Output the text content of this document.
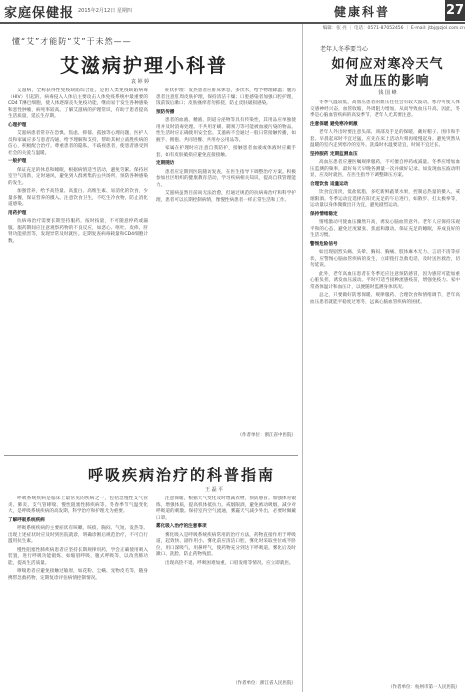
家庭保健报 2015年2月12日 星期四	健康科普	27
编辑：张 亮 ｜ 电话：0571-87052456 ｜ E-mail: jtbj@zjol.com.cn
懂“艾”才能防“艾”于未然——
艾滋病护理小科普
袁 婷 婷

艾滋病，全称获得性免疫缺陷综合征，是由人类免疫缺陷病毒（HIV）引起的。病毒侵入人体后主要攻击人体免疫系统中最重要的CD4 T淋巴细胞，使人体逐渐丧失免疫功能，继而易于发生各种感染和恶性肿瘤，病死率较高。了解艾滋病的护理常识，有助于患者提高生活质量，延长生存期。

心理护理

艾滋病患者常存在恐惧、焦虑、抑郁、孤独等心理问题，医护人员和家属应多与患者沟通，给予理解和支持，帮助其树立战胜疾病的信心，积极配合治疗。尊重患者的隐私，不歧视患者，使患者感受到社会的关爱与温暖。

一般护理

保证充足的休息和睡眠，根据病情适当活动，避免劳累。保持居室空气清新，定时通风，避免到人群密集的公共场所，预防各种感染的发生。

加强营养，给予高热量、高蛋白、高维生素、易消化的饮食，少量多餐，保证营养的摄入。注意饮食卫生，不吃生冷食物，防止消化道感染。

用药护理

抗病毒治疗需要长期坚持服药，按时按量，不可随意停药或漏服。服药期间应注意观察药物的不良反应，如恶心、呕吐、皮疹、肝肾功能损害等，发现异常及时就医。定期复查病毒载量和CD4细胞计数。

症状护理：发热患者应卧床休息，多饮水，给予物理降温；腹泻患者注意肛周皮肤护理，保持清洁干燥；口腔感染者加强口腔护理，饭前饭后漱口；皮肤瘙痒者勿抓挠，防止皮肤破损感染。

预防传播

患者的血液、精液、阴道分泌物等具有传染性，其用品应单独使用并及时消毒处理。不共用牙刷、剃须刀等可能被血液污染的物品。性生活时应正确使用安全套。艾滋病不会通过一般日常接触传播，如握手、拥抱、共同进餐、共用办公用品等。

家属在护理时应注意自我防护，接触患者血液或体液时应戴手套，如有皮肤破损应避免直接接触。

定期随访

患者应定期到医院随访复查，在医生指导下调整治疗方案。积极参加社区组织的健康教育活动，学习疾病相关知识，提高自我管理能力。

艾滋病虽然目前尚无法治愈，但通过规范的抗病毒治疗和科学护理，患者可以长期控制病情，像慢性病患者一样正常生活和工作。

（作者单位：浙江省中医院）
呼吸疾病治疗的科普指南
王 磊 平

呼吸系统疾病是临床上最常见的疾病之一，包括急慢性支气管炎、肺炎、支气管哮喘、慢性阻塞性肺疾病等。冬春季节气温变化大，是呼吸系统疾病的高发期，科学治疗和护理尤为重要。

了解呼吸系统疾病

呼吸系统疾病的主要症状有咳嗽、咳痰、胸闷、气短、发热等。出现上述症状时应及时到医院就诊，明确诊断后规范治疗，不可自行滥用抗生素。

慢性阻塞性肺疾病患者应坚持长期规律用药，学会正确使用吸入装置，进行呼吸功能锻炼，如缩唇呼吸、腹式呼吸等，以改善肺功能，提高生活质量。

哮喘患者应避免接触过敏原，如花粉、尘螨、宠物皮毛等，随身携带急救药物，定期复诊评估病情控制情况。

注意保暖，根据天气变化及时增减衣物，预防感冒。加强体育锻炼，增强体质，提高机体抵抗力。戒烟限酒，避免被动吸烟，减少对呼吸道的刺激。保持室内空气流通，雾霾天气减少外出，必要时佩戴口罩。

雾化吸入治疗的注意事项

雾化吸入是呼吸系统疾病常用的治疗方法，药物直接作用于呼吸道，起效快、副作用小。雾化前应清洁口腔，雾化时采取坐位或半卧位，用口深吸气、用鼻呼气，使药物充分到达下呼吸道。雾化后及时漱口、洗脸，防止药物残留。

出现高热不退、呼吸困难加重、口唇发绀等情况，应立即就医。

（作者单位：浙江省人民医院）
老年人冬季要当心
如何应对寒冷天气
对血压的影响
钱 国 峰

冬季气温较低，高血压患者的血压往往会有较大波动。寒冷可使人体交感神经兴奋，血管收缩，外周阻力增加，从而导致血压升高。因此，冬季是心脑血管疾病的高发季节，老年人尤其要注意。

注意保暖 避免寒冷刺激

老年人外出时要注意头部、颈部及手足的保暖，戴好帽子、围巾和手套。早晨起床时不宜过猛，应先在床上活动片刻再缓慢起身。避免突然从温暖的室内走到寒冷的室外。洗澡时水温要适宜，时间不宜过长。

坚持服药 定期监测血压

高血压患者应遵医嘱规律服药，不可擅自停药或减量。冬季应增加血压监测的频率，最好每天早晚各测量一次并做好记录。如发现血压波动明显，应及时就医，在医生指导下调整降压方案。

合理饮食 适量运动

饮食宜清淡，低盐低脂，多吃新鲜蔬菜水果，控制总热量的摄入，戒烟限酒。冬季运动宜选择在阳光充足的午后进行，如散步、打太极拳等，运动量以身体微微出汗为宜，避免剧烈运动。

保持情绪稳定

情绪激动可使血压骤然升高，诱发心脑血管意外。老年人应保持乐观平和的心态，避免过度紧张、焦虑和激动。保证充足的睡眠，养成良好的生活习惯。

警惕危险信号

如出现剧烈头痛、头晕、胸闷、胸痛、肢体麻木无力、言语不清等症状，应警惕心脑血管疾病的发生，立即拨打急救电话，及时送医救治，切勿延误。

此外，老年高血压患者在冬季还应注意预防感冒，因为感冒可能加重心脏负担，诱发血压波动。平时可适当接种流感疫苗，增强免疫力。家中常备体温计和血压计，以便随时监测身体状况。

总之，只要做好防寒保暖、规律服药、合理饮食和情绪调节，老年高血压患者就能平稳度过寒冬，远离心脑血管疾病的困扰。

（作者单位：杭州市第一人民医院）
